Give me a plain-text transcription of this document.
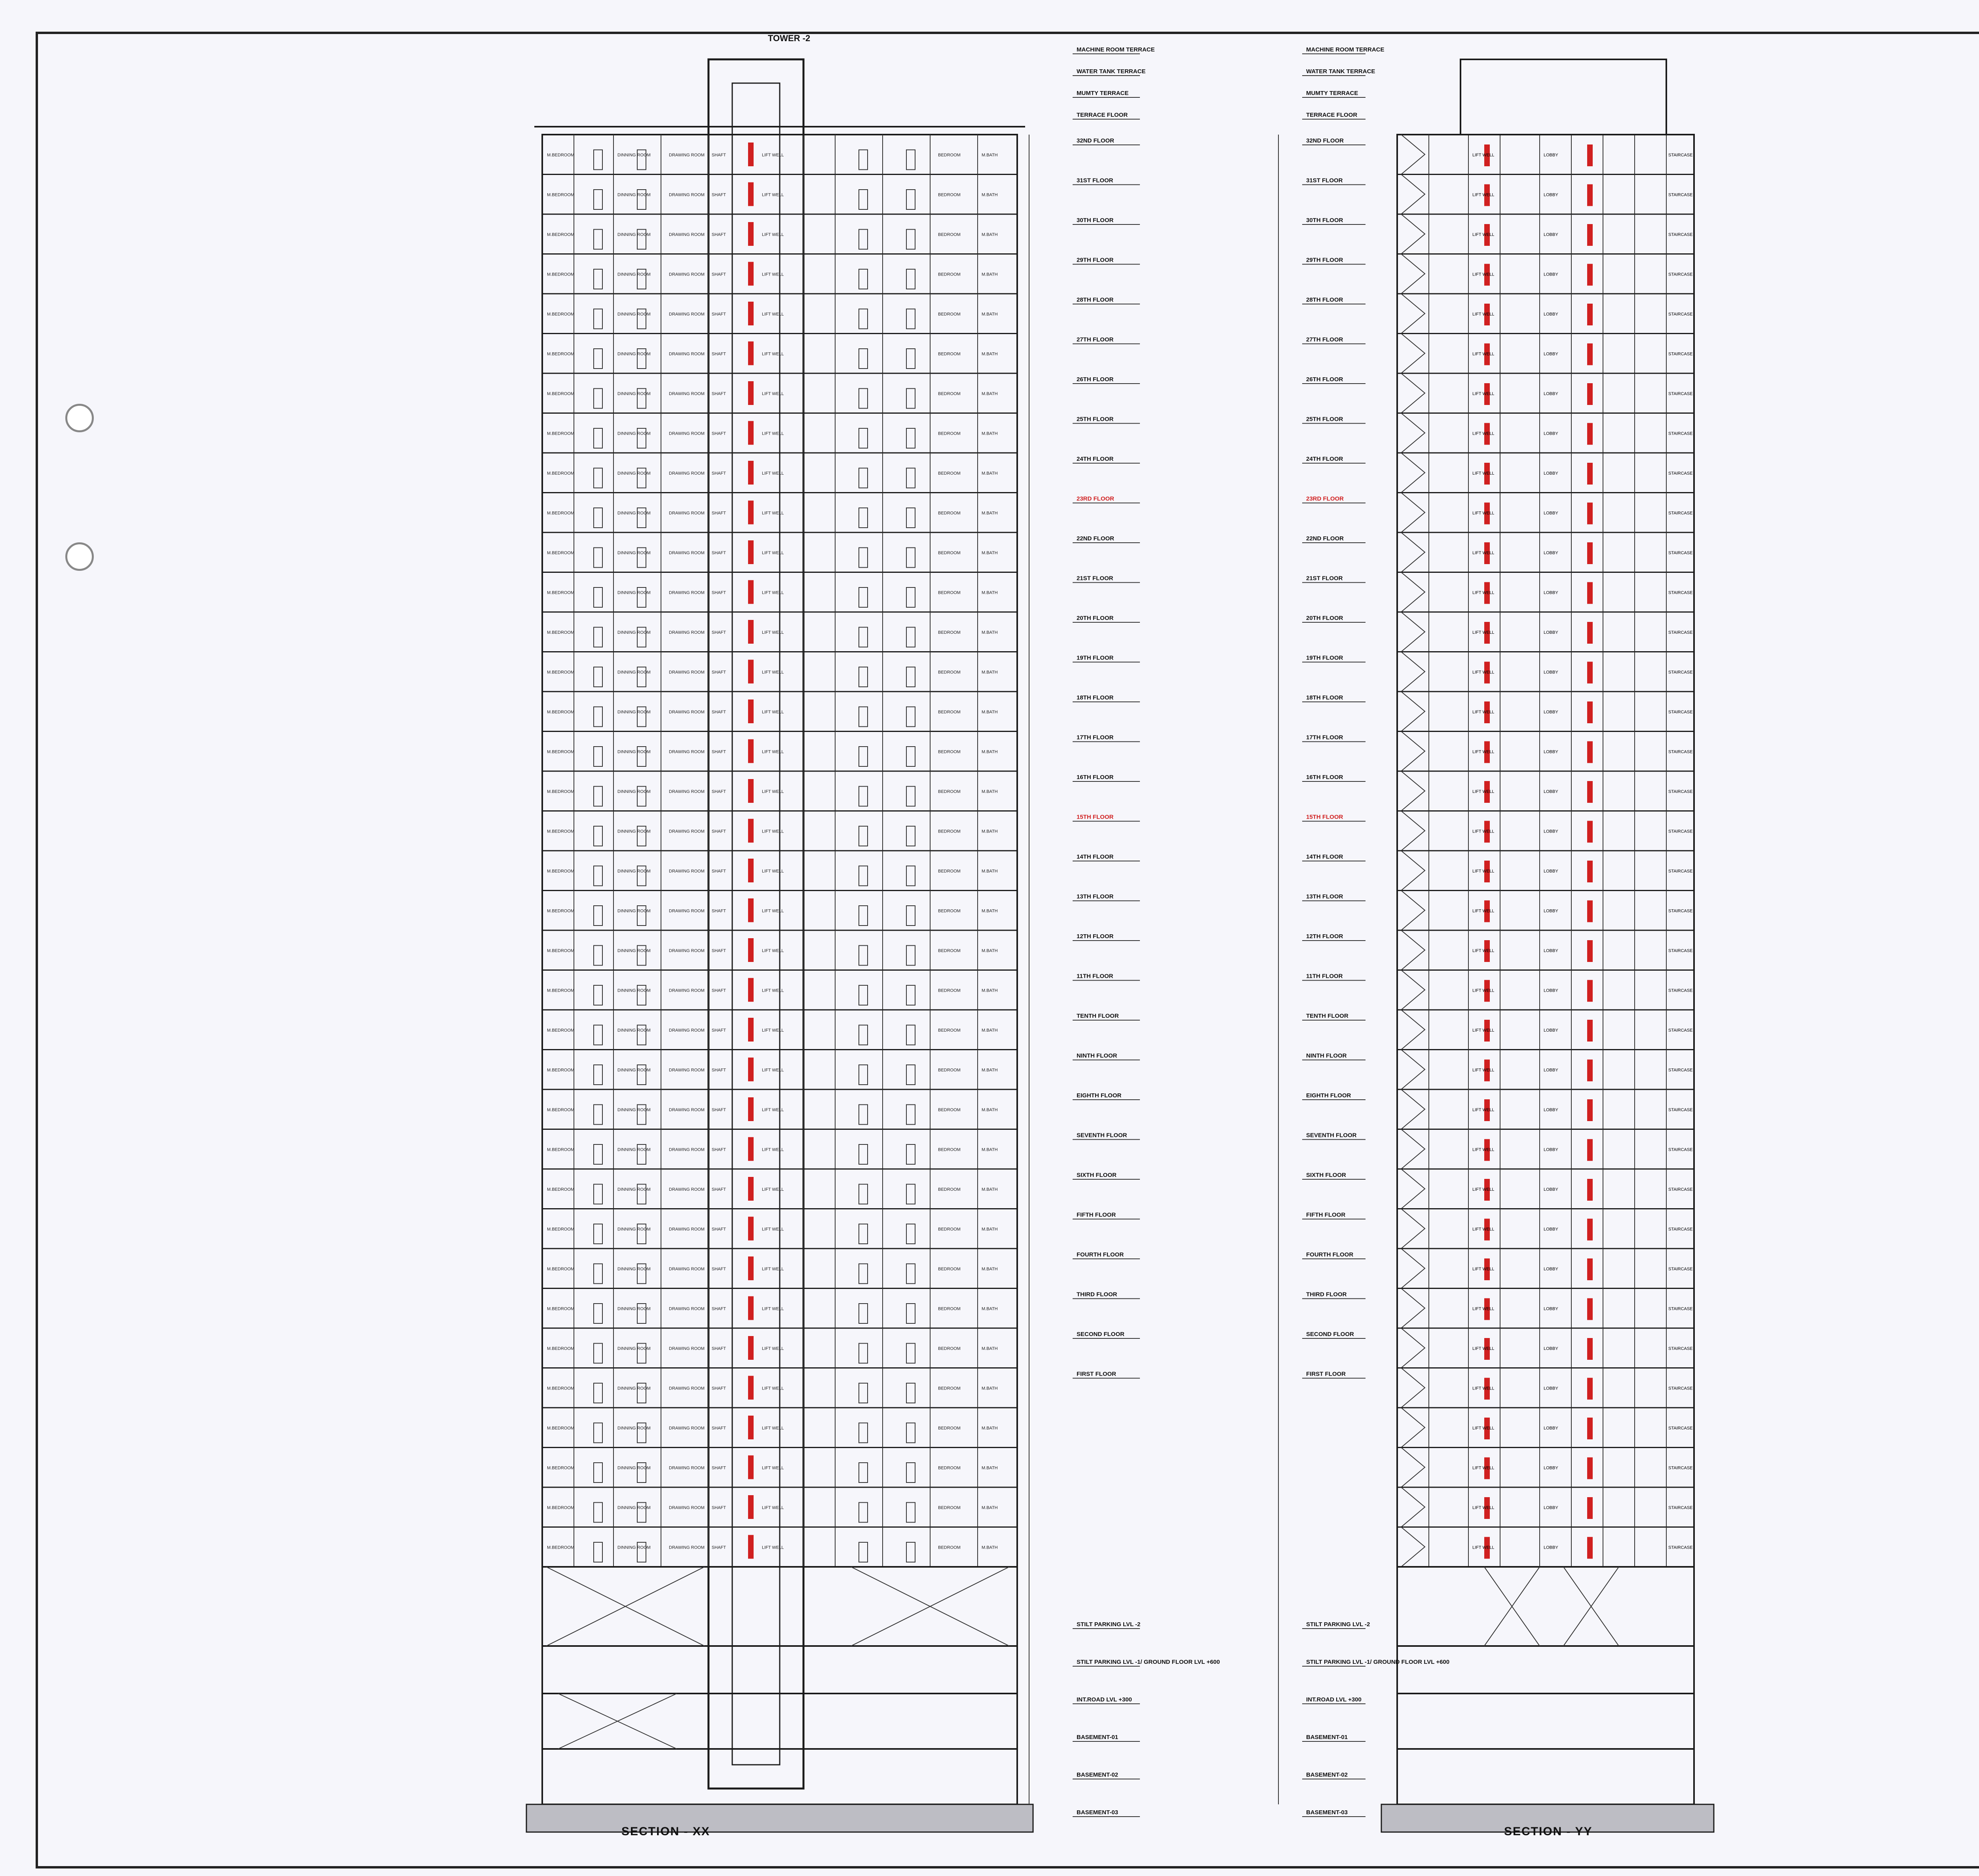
M.BEDROOM	DINNING ROOM	DRAWING ROOM	BEDROOM	M.BATH
SHAFT	LIFT WELL
M.BEDROOM	DINNING ROOM	DRAWING ROOM	BEDROOM	M.BATH
SHAFT	LIFT WELL
M.BEDROOM	DINNING ROOM	DRAWING ROOM	BEDROOM	M.BATH
SHAFT	LIFT WELL
M.BEDROOM	DINNING ROOM	DRAWING ROOM	BEDROOM	M.BATH
SHAFT	LIFT WELL
M.BEDROOM	DINNING ROOM	DRAWING ROOM	BEDROOM	M.BATH
SHAFT	LIFT WELL
M.BEDROOM	DINNING ROOM	DRAWING ROOM	BEDROOM	M.BATH
SHAFT	LIFT WELL
M.BEDROOM	DINNING ROOM	DRAWING ROOM	BEDROOM	M.BATH
SHAFT	LIFT WELL
M.BEDROOM	DINNING ROOM	DRAWING ROOM	BEDROOM	M.BATH
SHAFT	LIFT WELL
M.BEDROOM	DINNING ROOM	DRAWING ROOM	BEDROOM	M.BATH
SHAFT	LIFT WELL
M.BEDROOM	DINNING ROOM	DRAWING ROOM	BEDROOM	M.BATH
SHAFT	LIFT WELL
M.BEDROOM	DINNING ROOM	DRAWING ROOM	BEDROOM	M.BATH
SHAFT	LIFT WELL
M.BEDROOM	DINNING ROOM	DRAWING ROOM	BEDROOM	M.BATH
SHAFT	LIFT WELL
M.BEDROOM	DINNING ROOM	DRAWING ROOM	BEDROOM	M.BATH
SHAFT	LIFT WELL
M.BEDROOM	DINNING ROOM	DRAWING ROOM	BEDROOM	M.BATH
SHAFT	LIFT WELL
M.BEDROOM	DINNING ROOM	DRAWING ROOM	BEDROOM	M.BATH
SHAFT	LIFT WELL
M.BEDROOM	DINNING ROOM	DRAWING ROOM	BEDROOM	M.BATH
SHAFT	LIFT WELL
M.BEDROOM	DINNING ROOM	DRAWING ROOM	BEDROOM	M.BATH
SHAFT	LIFT WELL
M.BEDROOM	DINNING ROOM	DRAWING ROOM	BEDROOM	M.BATH
SHAFT	LIFT WELL
M.BEDROOM	DINNING ROOM	DRAWING ROOM	BEDROOM	M.BATH
SHAFT	LIFT WELL
M.BEDROOM	DINNING ROOM	DRAWING ROOM	BEDROOM	M.BATH
SHAFT	LIFT WELL
M.BEDROOM	DINNING ROOM	DRAWING ROOM	BEDROOM	M.BATH
SHAFT	LIFT WELL
M.BEDROOM	DINNING ROOM	DRAWING ROOM	BEDROOM	M.BATH
SHAFT	LIFT WELL
M.BEDROOM	DINNING ROOM	DRAWING ROOM	BEDROOM	M.BATH
SHAFT	LIFT WELL
M.BEDROOM	DINNING ROOM	DRAWING ROOM	BEDROOM	M.BATH
SHAFT	LIFT WELL
M.BEDROOM	DINNING ROOM	DRAWING ROOM	BEDROOM	M.BATH
SHAFT	LIFT WELL
M.BEDROOM	DINNING ROOM	DRAWING ROOM	BEDROOM	M.BATH
SHAFT	LIFT WELL
M.BEDROOM	DINNING ROOM	DRAWING ROOM	BEDROOM	M.BATH
SHAFT	LIFT WELL
M.BEDROOM	DINNING ROOM	DRAWING ROOM	BEDROOM	M.BATH
SHAFT	LIFT WELL
M.BEDROOM	DINNING ROOM	DRAWING ROOM	BEDROOM	M.BATH
SHAFT	LIFT WELL
M.BEDROOM	DINNING ROOM	DRAWING ROOM	BEDROOM	M.BATH
SHAFT	LIFT WELL
M.BEDROOM	DINNING ROOM	DRAWING ROOM	BEDROOM	M.BATH
SHAFT	LIFT WELL
M.BEDROOM	DINNING ROOM	DRAWING ROOM	BEDROOM	M.BATH
SHAFT	LIFT WELL
M.BEDROOM	DINNING ROOM	DRAWING ROOM	BEDROOM	M.BATH
SHAFT	LIFT WELL
M.BEDROOM	DINNING ROOM	DRAWING ROOM	BEDROOM	M.BATH
SHAFT	LIFT WELL
M.BEDROOM	DINNING ROOM	DRAWING ROOM	BEDROOM	M.BATH
SHAFT	LIFT WELL
M.BEDROOM	DINNING ROOM	DRAWING ROOM	BEDROOM	M.BATH
SHAFT	LIFT WELL
MACHINE ROOM TERRACE
WATER TANK TERRACE
MUMTY TERRACE
TERRACE FLOOR
32ND FLOOR
31ST FLOOR
30TH FLOOR
29TH FLOOR
28TH FLOOR
27TH FLOOR
26TH FLOOR
25TH FLOOR
24TH FLOOR
23RD FLOOR
22ND FLOOR
21ST FLOOR
20TH FLOOR
19TH FLOOR
18TH FLOOR
17TH FLOOR
16TH FLOOR
15TH FLOOR
14TH FLOOR
13TH FLOOR
12TH FLOOR
11TH FLOOR
TENTH FLOOR
NINTH FLOOR
EIGHTH FLOOR
SEVENTH FLOOR
SIXTH FLOOR
FIFTH FLOOR
FOURTH FLOOR
THIRD FLOOR
SECOND FLOOR
FIRST FLOOR
STILT PARKING LVL -2
STILT PARKING LVL -1/ GROUND FLOOR LVL +600
INT.ROAD LVL +300
BASEMENT-01
BASEMENT-02
BASEMENT-03
LIFT WELL	LOBBY	STAIRCASE
LIFT WELL	LOBBY	STAIRCASE
LIFT WELL	LOBBY	STAIRCASE
LIFT WELL	LOBBY	STAIRCASE
LIFT WELL	LOBBY	STAIRCASE
LIFT WELL	LOBBY	STAIRCASE
LIFT WELL	LOBBY	STAIRCASE
LIFT WELL	LOBBY	STAIRCASE
LIFT WELL	LOBBY	STAIRCASE
LIFT WELL	LOBBY	STAIRCASE
LIFT WELL	LOBBY	STAIRCASE
LIFT WELL	LOBBY	STAIRCASE
LIFT WELL	LOBBY	STAIRCASE
LIFT WELL	LOBBY	STAIRCASE
LIFT WELL	LOBBY	STAIRCASE
LIFT WELL	LOBBY	STAIRCASE
LIFT WELL	LOBBY	STAIRCASE
LIFT WELL	LOBBY	STAIRCASE
LIFT WELL	LOBBY	STAIRCASE
LIFT WELL	LOBBY	STAIRCASE
LIFT WELL	LOBBY	STAIRCASE
LIFT WELL	LOBBY	STAIRCASE
LIFT WELL	LOBBY	STAIRCASE
LIFT WELL	LOBBY	STAIRCASE
LIFT WELL	LOBBY	STAIRCASE
LIFT WELL	LOBBY	STAIRCASE
LIFT WELL	LOBBY	STAIRCASE
LIFT WELL	LOBBY	STAIRCASE
LIFT WELL	LOBBY	STAIRCASE
LIFT WELL	LOBBY	STAIRCASE
LIFT WELL	LOBBY	STAIRCASE
LIFT WELL	LOBBY	STAIRCASE
LIFT WELL	LOBBY	STAIRCASE
LIFT WELL	LOBBY	STAIRCASE
LIFT WELL	LOBBY	STAIRCASE
LIFT WELL	LOBBY	STAIRCASE
MACHINE ROOM TERRACE
WATER TANK TERRACE
MUMTY TERRACE
TERRACE FLOOR
32ND FLOOR
31ST FLOOR
30TH FLOOR
29TH FLOOR
28TH FLOOR
27TH FLOOR
26TH FLOOR
25TH FLOOR
24TH FLOOR
23RD FLOOR
22ND FLOOR
21ST FLOOR
20TH FLOOR
19TH FLOOR
18TH FLOOR
17TH FLOOR
16TH FLOOR
15TH FLOOR
14TH FLOOR
13TH FLOOR
12TH FLOOR
11TH FLOOR
TENTH FLOOR
NINTH FLOOR
EIGHTH FLOOR
SEVENTH FLOOR
SIXTH FLOOR
FIFTH FLOOR
FOURTH FLOOR
THIRD FLOOR
SECOND FLOOR
FIRST FLOOR
STILT PARKING LVL -2
STILT PARKING LVL -1/ GROUND FLOOR LVL +600
INT.ROAD LVL +300
BASEMENT-01
BASEMENT-02
BASEMENT-03
SECTION - XX	SECTION - YY
TOWER -2
